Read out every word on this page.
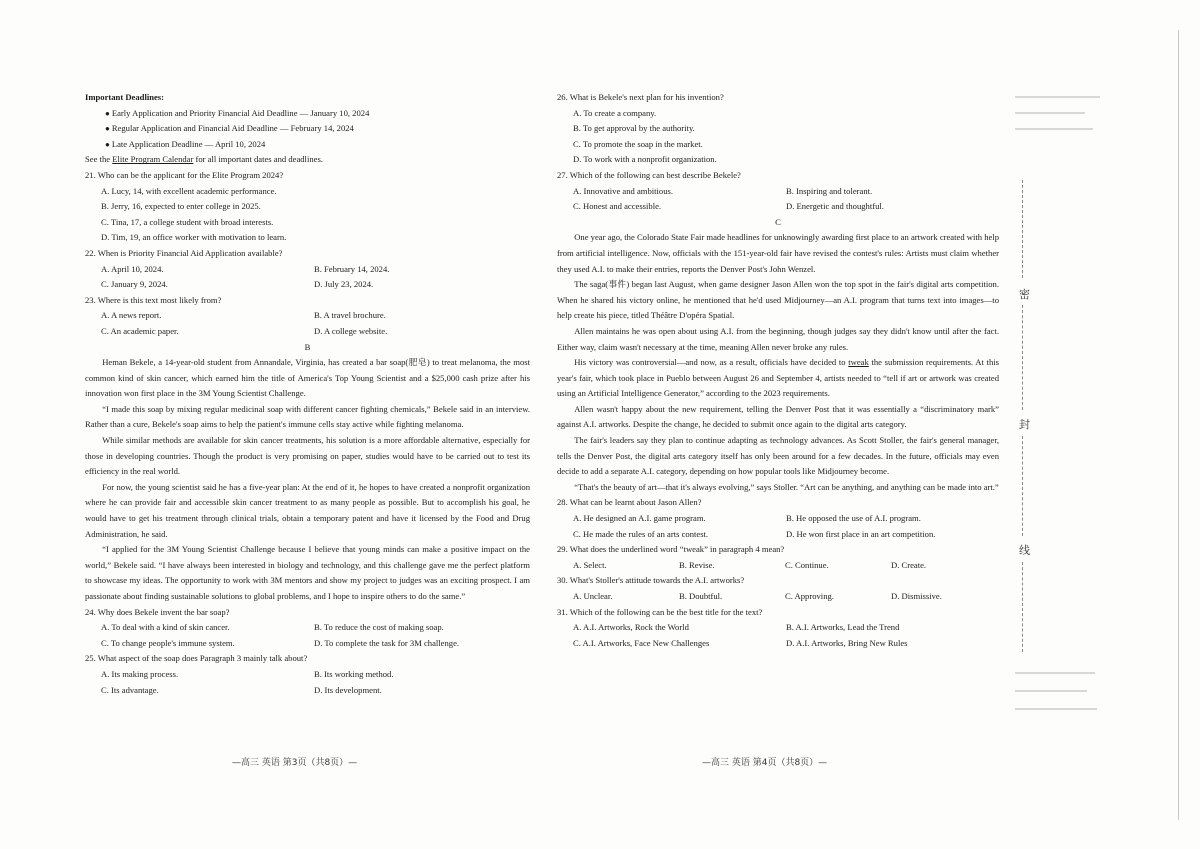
Important Deadlines:

● Early Application and Priority Financial Aid Deadline — January 10, 2024

● Regular Application and Financial Aid Deadline — February 14, 2024

● Late Application Deadline — April 10, 2024

See the Elite Program Calendar for all important dates and deadlines.

21. Who can be the applicant for the Elite Program 2024?

A. Lucy, 14, with excellent academic performance.

B. Jerry, 16, expected to enter college in 2025.

C. Tina, 17, a college student with broad interests.

D. Tim, 19, an office worker with motivation to learn.

22. When is Priority Financial Aid Application available?

A. April 10, 2024.	B. February 14, 2024.
C. January 9, 2024.	D. July 23, 2024.

23. Where is this text most likely from?

A. A news report.	B. A travel brochure.
C. An academic paper.	D. A college website.

B

Heman Bekele, a 14-year-old student from Annandale, Virginia, has created a bar soap(肥皂) to treat melanoma, the most common kind of skin cancer, which earned him the title of America's Top Young Scientist and a $25,000 cash prize after his innovation won first place in the 3M Young Scientist Challenge.

“I made this soap by mixing regular medicinal soap with different cancer fighting chemicals,” Bekele said in an interview. Rather than a cure, Bekele's soap aims to help the patient's immune cells stay active while fighting melanoma.

While similar methods are available for skin cancer treatments, his solution is a more affordable alternative, especially for those in developing countries. Though the product is very promising on paper, studies would have to be carried out to test its efficiency in the real world.

For now, the young scientist said he has a five-year plan: At the end of it, he hopes to have created a nonprofit organization where he can provide fair and accessible skin cancer treatment to as many people as possible. But to accomplish his goal, he would have to get his treatment through clinical trials, obtain a temporary patent and have it licensed by the Food and Drug Administration, he said.

“I applied for the 3M Young Scientist Challenge because I believe that young minds can make a positive impact on the world,” Bekele said. “I have always been interested in biology and technology, and this challenge gave me the perfect platform to showcase my ideas. The opportunity to work with 3M mentors and show my project to judges was an exciting prospect. I am passionate about finding sustainable solutions to global problems, and I hope to inspire others to do the same.”

24. Why does Bekele invent the bar soap?

A. To deal with a kind of skin cancer.	B. To reduce the cost of making soap.
C. To change people's immune system.	D. To complete the task for 3M challenge.

25. What aspect of the soap does Paragraph 3 mainly talk about?

A. Its making process.	B. Its working method.
C. Its advantage.	D. Its development.

26. What is Bekele's next plan for his invention?

A. To create a company.

B. To get approval by the authority.

C. To promote the soap in the market.

D. To work with a nonprofit organization.

27. Which of the following can best describe Bekele?

A. Innovative and ambitious.	B. Inspiring and tolerant.
C. Honest and accessible.	D. Energetic and thoughtful.

C

One year ago, the Colorado State Fair made headlines for unknowingly awarding first place to an artwork created with help from artificial intelligence. Now, officials with the 151-year-old fair have revised the contest's rules: Artists must claim whether they used A.I. to make their entries, reports the Denver Post's John Wenzel.

The saga(事件) began last August, when game designer Jason Allen won the top spot in the fair's digital arts competition. When he shared his victory online, he mentioned that he'd used Midjourney—an A.I. program that turns text into images—to help create his piece, titled Théâtre D'opéra Spatial.

Allen maintains he was open about using A.I. from the beginning, though judges say they didn't know until after the fact. Either way, claim wasn't necessary at the time, meaning Allen never broke any rules.

His victory was controversial—and now, as a result, officials have decided to tweak the submission requirements. At this year's fair, which took place in Pueblo between August 26 and September 4, artists needed to “tell if art or artwork was created using an Artificial Intelligence Generator,” according to the 2023 requirements.

Allen wasn't happy about the new requirement, telling the Denver Post that it was essentially a “discriminatory mark” against A.I. artworks. Despite the change, he decided to submit once again to the digital arts category.

The fair's leaders say they plan to continue adapting as technology advances. As Scott Stoller, the fair's general manager, tells the Denver Post, the digital arts category itself has only been around for a few decades. In the future, officials may even decide to add a separate A.I. category, depending on how popular tools like Midjourney become.

“That's the beauty of art—that it's always evolving,” says Stoller. “Art can be anything, and anything can be made into art.”

28. What can be learnt about Jason Allen?

A. He designed an A.I. game program.	B. He opposed the use of A.I. program.
C. He made the rules of an arts contest.	D. He won first place in an art competition.

29. What does the underlined word “tweak” in paragraph 4 mean?

A. Select.	B. Revise.	C. Continue.	D. Create.

30. What's Stoller's attitude towards the A.I. artworks?

A. Unclear.	B. Doubtful.	C. Approving.	D. Dismissive.

31. Which of the following can be the best title for the text?

A. A.I. Artworks, Rock the World	B. A.I. Artworks, Lead the Trend
C. A.I. Artworks, Face New Challenges	D. A.I. Artworks, Bring New Rules
—高三 英语 第3页（共8页）—	—高三 英语 第4页（共8页）—
密
封
线
